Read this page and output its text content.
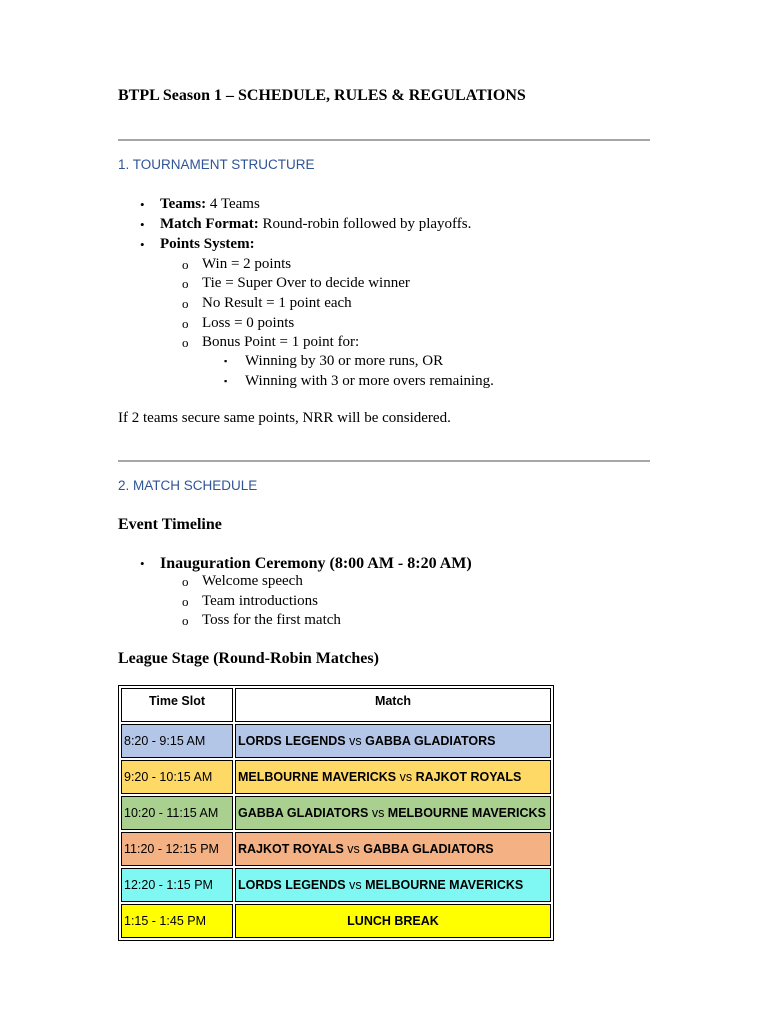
BTPL Season 1 – SCHEDULE, RULES & REGULATIONS
1. TOURNAMENT STRUCTURE
• Teams: 4 Teams
• Match Format: Round-robin followed by playoffs.
• Points System:
o Win = 2 points
o Tie = Super Over to decide winner
o No Result = 1 point each
o Loss = 0 points
o Bonus Point = 1 point for:
▪ Winning by 30 or more runs, OR
▪ Winning with 3 or more overs remaining.
If 2 teams secure same points, NRR will be considered.
2. MATCH SCHEDULE
Event Timeline
• Inauguration Ceremony (8:00 AM - 8:20 AM)
o Welcome speech
o Team introductions
o Toss for the first match
League Stage (Round-Robin Matches)
Time Slot	Match
8:20 - 9:15 AM	LORDS LEGENDS vs GABBA GLADIATORS
9:20 - 10:15 AM	MELBOURNE MAVERICKS vs RAJKOT ROYALS
10:20 - 11:15 AM	GABBA GLADIATORS vs MELBOURNE MAVERICKS
11:20 - 12:15 PM	RAJKOT ROYALS vs GABBA GLADIATORS
12:20 - 1:15 PM	LORDS LEGENDS vs MELBOURNE MAVERICKS
1:15 - 1:45 PM	LUNCH BREAK
